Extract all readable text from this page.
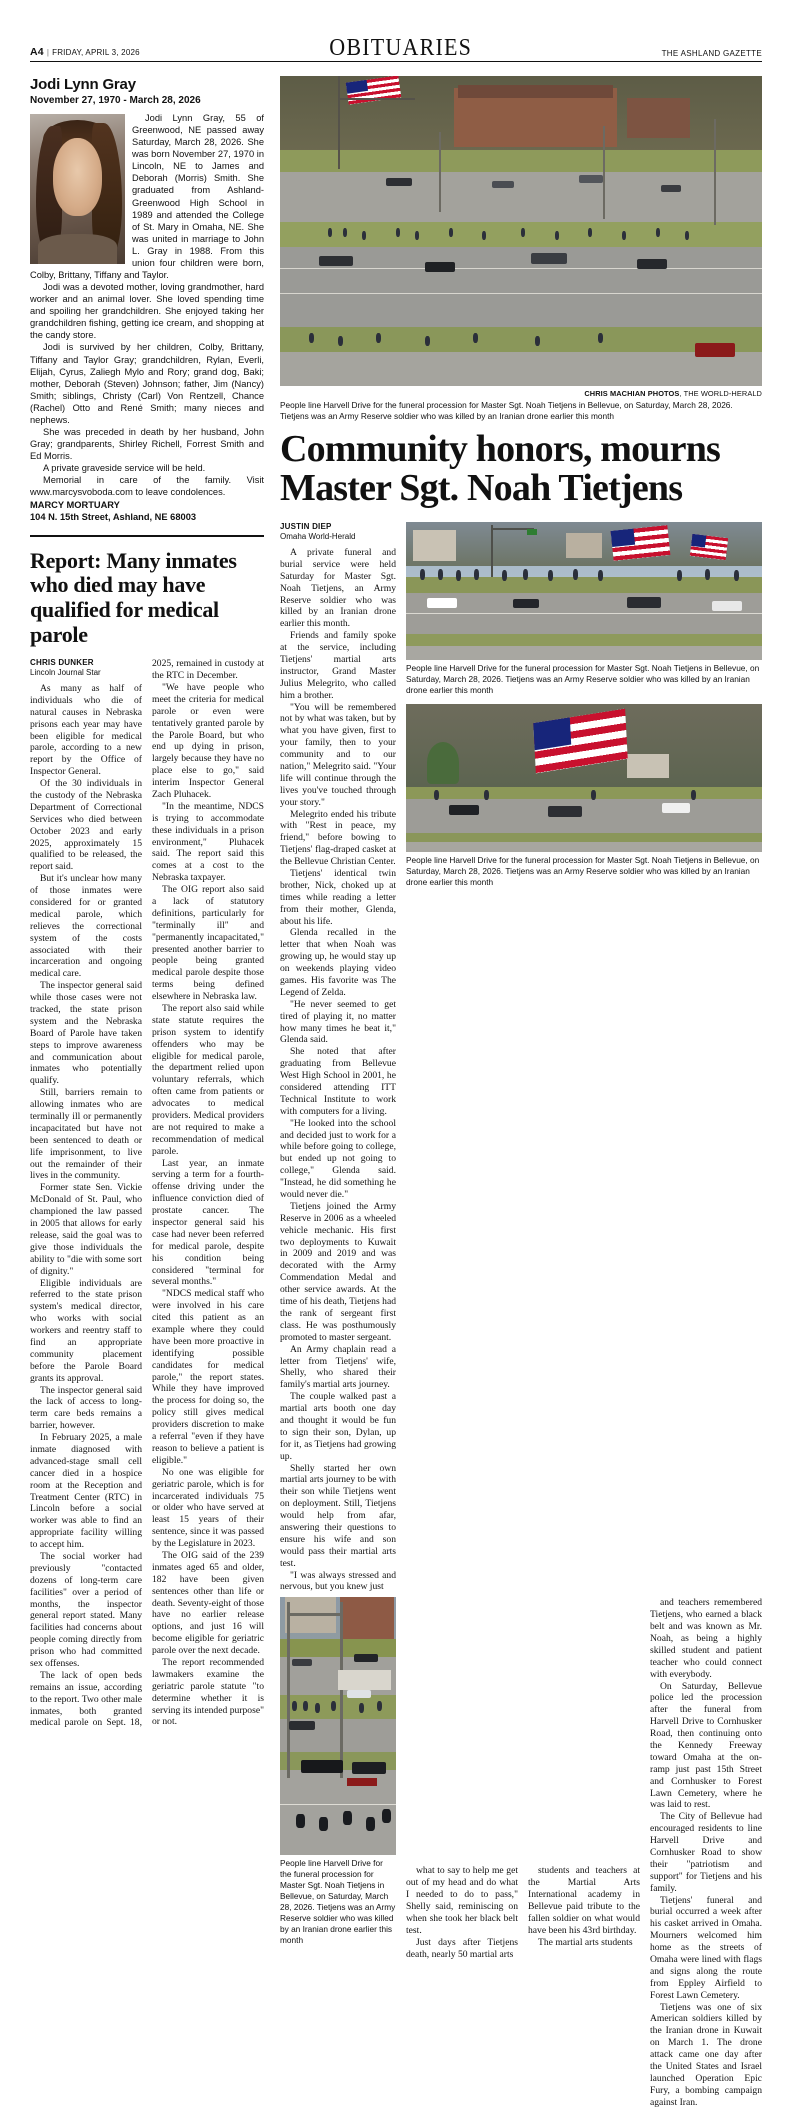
A4 | FRIDAY, APRIL 3, 2026	OBITUARIES	THE ASHLAND GAZETTE
Jodi Lynn Gray
November 27, 1970 - March 28, 2026

Jodi Lynn Gray, 55 of Greenwood, NE passed away Saturday, March 28, 2026. She was born November 27, 1970 in Lincoln, NE to James and Deborah (Morris) Smith. She graduated from Ashland-Greenwood High School in 1989 and attended the College of St. Mary in Omaha, NE. She was united in marriage to John L. Gray in 1988. From this union four children were born, Colby, Brittany, Tiffany and Taylor.

Jodi was a devoted mother, loving grandmother, hard worker and an animal lover. She loved spending time and spoiling her grandchildren. She enjoyed taking her grandchildren fishing, getting ice cream, and shopping at the candy store.

Jodi is survived by her children, Colby, Brittany, Tiffany and Taylor Gray; grandchildren, Rylan, Everli, Elijah, Cyrus, Zaliegh Mylo and Rory; grand dog, Baki; mother, Deborah (Steven) Johnson; father, Jim (Nancy) Smith; siblings, Christy (Carl) Von Rentzell, Chance (Rachel) Otto and René Smith; many nieces and nephews.

She was preceded in death by her husband, John Gray; grandparents, Shirley Richell, Forrest Smith and Ed Morris.

A private graveside service will be held.

Memorial in care of the family. Visit www.marcysvoboda.com to leave condolences.

MARCY MORTUARY
104 N. 15th Street, Ashland, NE 68003
Report: Many inmates who died may have qualified for medical parole
CHRIS DUNKER
Lincoln Journal Star

As many as half of individuals who die of natural causes in Nebraska prisons each year may have been eligible for medical parole, according to a new report by the Office of Inspector General.

Of the 30 individuals in the custody of the Nebraska Department of Correctional Services who died between October 2023 and early 2025, approximately 15 qualified to be released, the report said.

But it's unclear how many of those inmates were considered for or granted medical parole, which relieves the correctional system of the costs associated with their incarceration and ongoing medical care.

The inspector general said while those cases were not tracked, the state prison system and the Nebraska Board of Parole have taken steps to improve awareness and communication about inmates who potentially qualify.

Still, barriers remain to allowing inmates who are terminally ill or permanently incapacitated but have not been sentenced to death or life imprisonment, to live out the remainder of their lives in the community.

Former state Sen. Vickie McDonald of St. Paul, who championed the law passed in 2005 that allows for early release, said the goal was to give those individuals the ability to "die with some sort of dignity."

Eligible individuals are referred to the state prison system's medical director, who works with social workers and reentry staff to find an appropriate community placement before the Parole Board grants its approval.

The inspector general said the lack of access to long-term care beds remains a barrier, however.

In February 2025, a male inmate diagnosed with advanced-stage small cell cancer died in a hospice room at the Reception and Treatment Center (RTC) in Lincoln before a social worker was able to find an appropriate facility willing to accept him.

The social worker had previously "contacted dozens of long-term care facilities" over a period of months, the inspector general report stated. Many facilities had concerns about people coming directly from prison who had committed sex offenses.

The lack of open beds remains an issue, according to the report. Two other male inmates, both granted medical parole on Sept. 18, 2025, remained in custody at the RTC in December.

"We have people who meet the criteria for medical parole or even were tentatively granted parole by the Parole Board, but who end up dying in prison, largely because they have no place else to go," said interim Inspector General Zach Pluhacek.

"In the meantime, NDCS is trying to accommodate these individuals in a prison environment," Pluhacek said. The report said this comes at a cost to the Nebraska taxpayer.

The OIG report also said a lack of statutory definitions, particularly for "terminally ill" and "permanently incapacitated," presented another barrier to people being granted medical parole despite those terms being defined elsewhere in Nebraska law.

The report also said while state statute requires the prison system to identify offenders who may be eligible for medical parole, the department relied upon voluntary referrals, which often came from patients or advocates to medical providers. Medical providers are not required to make a recommendation of medical parole.

Last year, an inmate serving a term for a fourth-offense driving under the influence conviction died of prostate cancer. The inspector general said his case had never been referred for medical parole, despite his condition being considered "terminal for several months."

"NDCS medical staff who were involved in his care cited this patient as an example where they could have been more proactive in identifying possible candidates for medical parole," the report states. While they have improved the process for doing so, the policy still gives medical providers discretion to make a referral "even if they have reason to believe a patient is eligible."

No one was eligible for geriatric parole, which is for incarcerated individuals 75 or older who have served at least 15 years of their sentence, since it was passed by the Legislature in 2023.

The OIG said of the 239 inmates aged 65 and older, 182 have been given sentences other than life or death. Seventy-eight of those have no earlier release options, and just 16 will become eligible for geriatric parole over the next decade.

The report recommended lawmakers examine the geriatric parole statute "to determine whether it is serving its intended purpose" or not.

CHRIS MACHIAN PHOTOS, THE WORLD-HERALD
People line Harvell Drive for the funeral procession for Master Sgt. Noah Tietjens in Bellevue, on Saturday, March 28, 2026. Tietjens was an Army Reserve soldier who was killed by an Iranian drone earlier this month
Community honors, mourns Master Sgt. Noah Tietjens
JUSTIN DIEP
Omaha World-Herald

A private funeral and burial service were held Saturday for Master Sgt. Noah Tietjens, an Army Reserve soldier who was killed by an Iranian drone earlier this month.

Friends and family spoke at the service, including Tietjens' martial arts instructor, Grand Master Julius Melegrito, who called him a brother.

"You will be remembered not by what was taken, but by what you have given, first to your family, then to your community and to our nation," Melegrito said. "Your life will continue through the lives you've touched through your story."

Melegrito ended his tribute with "Rest in peace, my friend," before bowing to Tietjens' flag-draped casket at the Bellevue Christian Center.

Tietjens' identical twin brother, Nick, choked up at times while reading a letter from their mother, Glenda, about his life.

Glenda recalled in the letter that when Noah was growing up, he would stay up on weekends playing video games. His favorite was The Legend of Zelda.

"He never seemed to get tired of playing it, no matter how many times he beat it," Glenda said.

She noted that after graduating from Bellevue West High School in 2001, he considered attending ITT Technical Institute to work with computers for a living.

"He looked into the school and decided just to work for a while before going to college, but ended up not going to college," Glenda said. "Instead, he did something he would never die."

Tietjens joined the Army Reserve in 2006 as a wheeled vehicle mechanic. His first two deployments to Kuwait in 2009 and 2019 and was decorated with the Army Commendation Medal and other service awards. At the time of his death, Tietjens had the rank of sergeant first class. He was posthumously promoted to master sergeant.

An Army chaplain read a letter from Tietjens' wife, Shelly, who shared their family's martial arts journey.

The couple walked past a martial arts booth one day and thought it would be fun to sign their son, Dylan, up for it, as Tietjens had growing up.

Shelly started her own martial arts journey to be with their son while Tietjens went on deployment. Still, Tietjens would help from afar, answering their questions to ensure his wife and son would pass their martial arts test.

"I was always stressed and nervous, but you knew just

People line Harvell Drive for the funeral procession for Master Sgt. Noah Tietjens in Bellevue, on Saturday, March 28, 2026. Tietjens was an Army Reserve soldier who was killed by an Iranian drone earlier this month
People line Harvell Drive for the funeral procession for Master Sgt. Noah Tietjens in Bellevue, on Saturday, March 28, 2026. Tietjens was an Army Reserve soldier who was killed by an Iranian drone earlier this month
People line Harvell Drive for the funeral procession for Master Sgt. Noah Tietjens in Bellevue, on Saturday, March 28, 2026. Tietjens was an Army Reserve soldier who was killed by an Iranian drone earlier this month

what to say to help me get out of my head and do what I needed to do to pass," Shelly said, reminiscing on when she took her black belt test.

Just days after Tietjens death, nearly 50 martial arts

students and teachers at the Martial Arts International academy in Bellevue paid tribute to the fallen soldier on what would have been his 43rd birthday.

The martial arts students

and teachers remembered Tietjens, who earned a black belt and was known as Mr. Noah, as being a highly skilled student and patient teacher who could connect with everybody.

On Saturday, Bellevue police led the procession after the funeral from Harvell Drive to Cornhusker Road, then continuing onto the Kennedy Freeway toward Omaha at the on-ramp just past 15th Street and Cornhusker to Forest Lawn Cemetery, where he was laid to rest.

The City of Bellevue had encouraged residents to line Harvell Drive and Cornhusker Road to show their "patriotism and support" for Tietjens and his family.

Tietjens' funeral and burial occurred a week after his casket arrived in Omaha. Mourners welcomed him home as the streets of Omaha were lined with flags and signs along the route from Eppley Airfield to Forest Lawn Cemetery.

Tietjens was one of six American soldiers killed by the Iranian drone in Kuwait on March 1. The drone attack came one day after the United States and Israel launched Operation Epic Fury, a bombing campaign against Iran.
